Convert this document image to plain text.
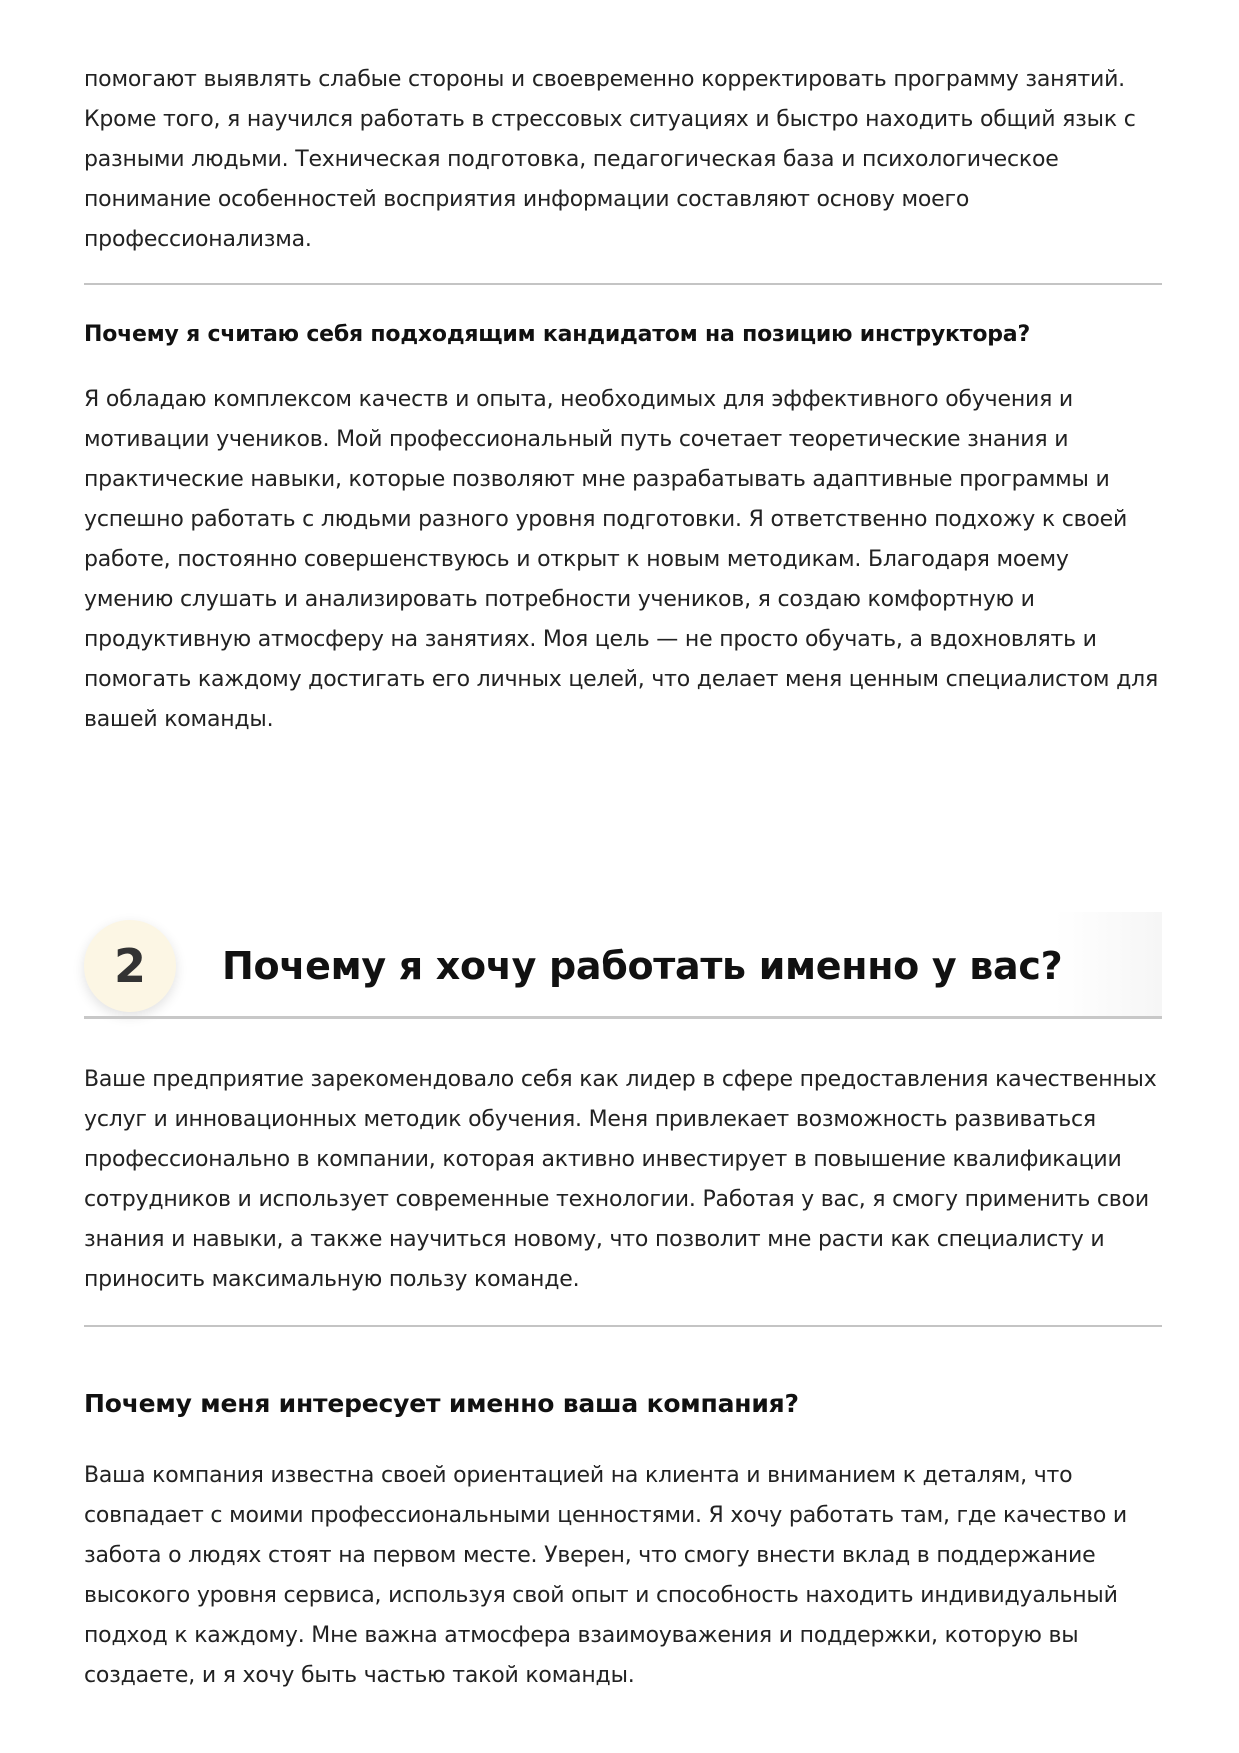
помогают выявлять слабые стороны и своевременно корректировать программу занятий. Кроме того, я научился работать в стрессовых ситуациях и быстро находить общий язык с разными людьми. Техническая подготовка, педагогическая база и психологическое понимание особенностей восприятия информации составляют основу моего профессионализма.

Почему я считаю себя подходящим кандидатом на позицию инструктора?

Я обладаю комплексом качеств и опыта, необходимых для эффективного обучения и мотивации учеников. Мой профессиональный путь сочетает теоретические знания и практические навыки, которые позволяют мне разрабатывать адаптивные программы и успешно работать с людьми разного уровня подготовки. Я ответственно подхожу к своей работе, постоянно совершенствуюсь и открыт к новым методикам. Благодаря моему умению слушать и анализировать потребности учеников, я создаю комфортную и продуктивную атмосферу на занятиях. Моя цель — не просто обучать, а вдохновлять и помогать каждому достигать его личных целей, что делает меня ценным специалистом для вашей команды.

2	Почему я хочу работать именно у вас?

Ваше предприятие зарекомендовало себя как лидер в сфере предоставления качественных услуг и инновационных методик обучения. Меня привлекает возможность развиваться профессионально в компании, которая активно инвестирует в повышение квалификации сотрудников и использует современные технологии. Работая у вас, я смогу применить свои знания и навыки, а также научиться новому, что позволит мне расти как специалисту и приносить максимальную пользу команде.

Почему меня интересует именно ваша компания?

Ваша компания известна своей ориентацией на клиента и вниманием к деталям, что совпадает с моими профессиональными ценностями. Я хочу работать там, где качество и забота о людях стоят на первом месте. Уверен, что смогу внести вклад в поддержание высокого уровня сервиса, используя свой опыт и способность находить индивидуальный подход к каждому. Мне важна атмосфера взаимоуважения и поддержки, которую вы создаете, и я хочу быть частью такой команды.
